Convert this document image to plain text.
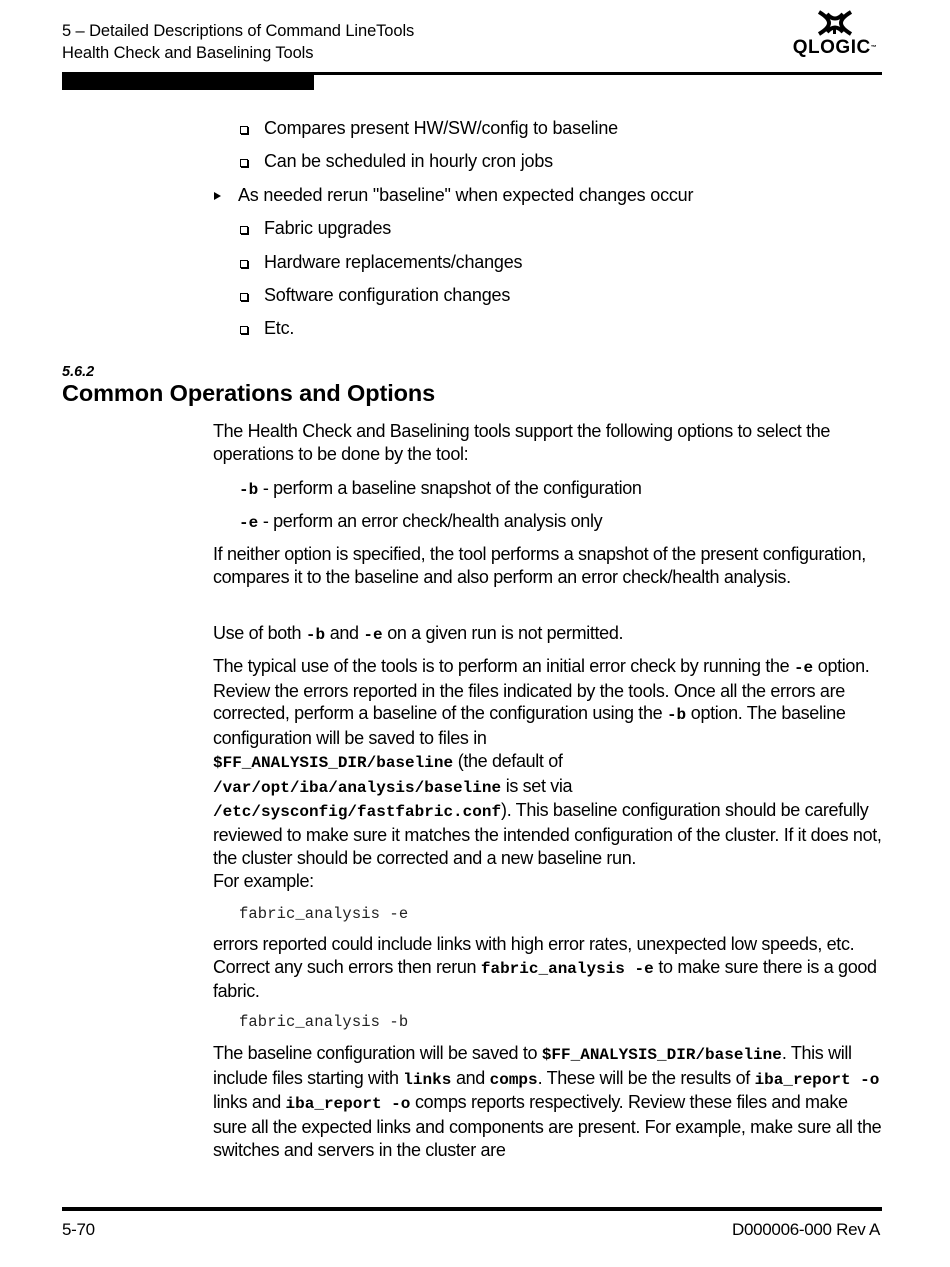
5 – Detailed Descriptions of Command LineTools
Health Check and Baselining Tools	QLOGIC™
Compares present HW/SW/config to baseline
Can be scheduled in hourly cron jobs
As needed rerun "baseline" when expected changes occur
Fabric upgrades
Hardware replacements/changes
Software configuration changes
Etc.
5.6.2
Common Operations and Options
The Health Check and Baselining tools support the following options to select the operations to be done by the tool:
-b - perform a baseline snapshot of the configuration
-e - perform an error check/health analysis only
If neither option is specified, the tool performs a snapshot of the present configuration, compares it to the baseline and also perform an error check/health analysis.
Use of both -b and -e on a given run is not permitted.
The typical use of the tools is to perform an initial error check by running the -e option. Review the errors reported in the files indicated by the tools. Once all the errors are corrected, perform a baseline of the configuration using the -b option. The baseline configuration will be saved to files in
$FF_ANALYSIS_DIR/baseline (the default of
/var/opt/iba/analysis/baseline is set via
/etc/sysconfig/fastfabric.conf). This baseline configuration should be carefully reviewed to make sure it matches the intended configuration of the cluster. If it does not, the cluster should be corrected and a new baseline run.
For example:
fabric_analysis -e
errors reported could include links with high error rates, unexpected low speeds, etc. Correct any such errors then rerun fabric_analysis -e to make sure there is a good fabric.
fabric_analysis -b
The baseline configuration will be saved to $FF_ANALYSIS_DIR/baseline. This will include files starting with links and comps. These will be the results of iba_report -o links and iba_report -o comps reports respectively. Review these files and make sure all the expected links and components are present. For example, make sure all the switches and servers in the cluster are
5-70	D000006-000 Rev A
